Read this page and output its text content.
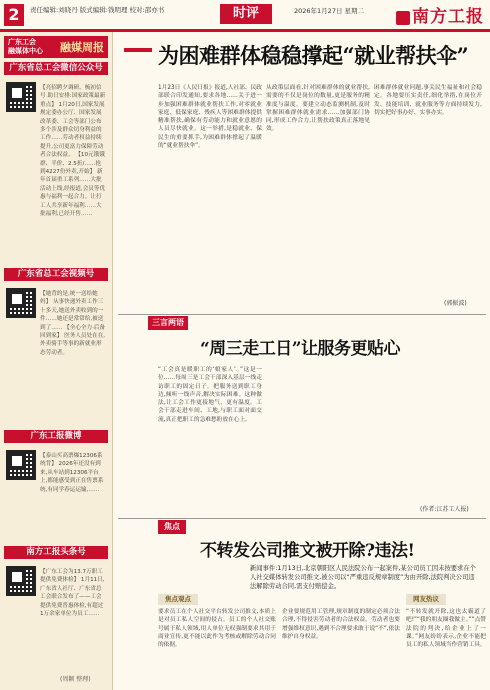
2	责任编辑:刘晓丹 版式编辑:钱明理 校对:邵亦书	时评	2026年1月27日 星期二	南方工报
广东工会
融媒体中心 融媒周报
广东省总工会微信公众号
【亮招聘夕调研、梳初信号 助日安排:国家政策最新重点】 1月20日,国家发展规定委办公厅、国家发展改革委、工会等部门公布多个涉及群众切身利益的工作……劳动者权益持续提升,公司更富力保障劳动者合法权益。 【10元饿饿群、半价、2.5折/……抢到4227份外卖,开始】 新年首届重工系列……大批活动上线,经报道,会员等优惠与福利一起合力。让打工人共享新年福利……大批福利,已经开售……
广东省总工会视频号
【她背的是,统一送给她妈】 从事快递外卖工作三十多天,她送外卖收到的一件……她还是常常给,被送到了…… 【全心全力·后备回到家】 医务人员处在在,外卖骑手等事的新就业形态劳动者。
广东工报微博
【泰山买高票爆12306系统背】 2026年还没有到来,从车站到12306平台上,都能感受到正在售票系统,有同学春运运输,……
南方工报头条号
【广东工会为13.7万职工提供免费体检】 1月11日,广东省人社厅、广东省总工会联合发布了——工会提供免费普惠体检,有超过1万余家单位为员工……
(周颖 整理)
为困难群体稳稳撑起“就业帮扶伞”
1月23日《人民日报》报道,人社部、民政部联合印发通知,要求各地……关于进一步加强困难群体就业帮扶工作,对零就业家庭、低保家庭、残疾人等困难群体提供精准帮扶,确保有劳动能力和就业意愿的人员尽快就业。这一举措,是稳就业、保民生的重要抓手,为困难群体撑起了温暖的“就业帮扶伞”。
从政策层面看,针对困难群体的就业帮扶,需要的不仅是岗位的数量,更是服务的精准度与温度。要建立动态监测机制,及时掌握困难群体就业需求……加强部门协同,形成工作合力,让帮扶政策真正落地见效。
困难群体就业问题,事关民生福祉和社会稳定。各地要压实责任,细化举措,在岗位开发、技能培训、就业服务等方面持续发力,切实把好事办好、实事办实。
(郭振波)
三言两语
“周三走工日”让服务更贴心
“工会真是暖职工的‘娘家人’。”这是一位……每周三是工会干部深入基层一线走访职工的固定日子。把服务送到职工身边,倾听一线声音,解决实际困难。这种做法,让工会工作更接地气、更有温度。工会干部走进车间、工地,与职工面对面交流,真正把职工的急难愁盼放在心上。
(作者:江苏工人报)
焦点
不转发公司推文被开除?违法!
新闻事件:1月13日,北京朝阳区人民法院公布一起案件,某公司员工因未按要求在个人社交媒体转发公司推文,被公司以“严重违反规章制度”为由开除,法院判决公司违法解除劳动合同,需支付赔偿金。
焦点观点	网友热议
要求员工在个人社交平台转发公司推文,本质上是对员工私人空间的侵占。员工的个人社交账号属于私人领域,用人单位无权强制要求其用于商业宣传,更不能以此作为考核或解除劳动合同的依据。
企业要规范用工管理,规章制度的制定必须合法合理,不得侵害劳动者的合法权益。劳动者也要增强维权意识,遇到不合理要求敢于说“不”,依法维护自身权益。
“不转发就开除,这也太霸道了吧!”“我的朋友圈我做主。”“点赞法院的判决,给企业上了一课。”网友纷纷表示,企业不能把员工的私人领域当作营销工具。
